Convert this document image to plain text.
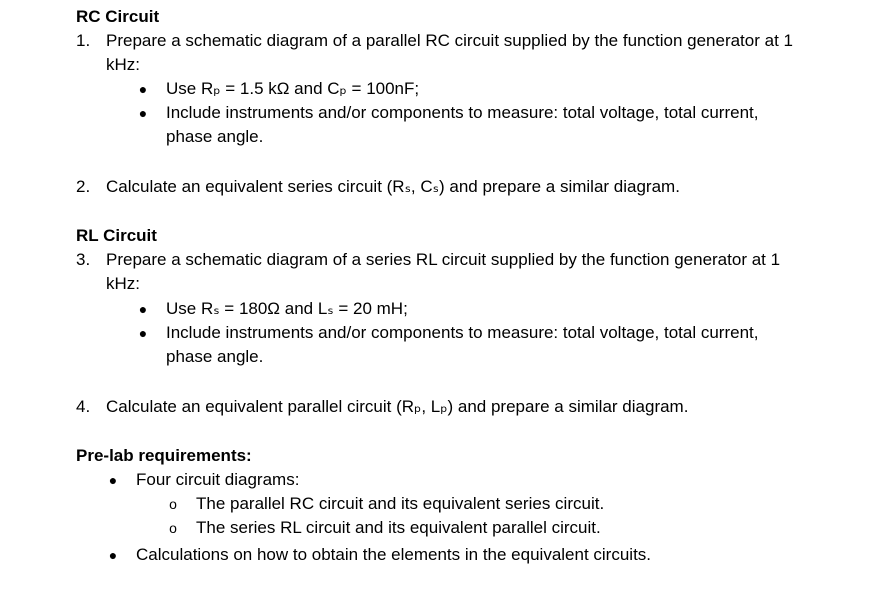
RC Circuit
1. Prepare a schematic diagram of a parallel RC circuit supplied by the function generator at 1
kHz:
● Use Rₚ = 1.5 kΩ and Cₚ = 100nF;
● Include instruments and/or components to measure: total voltage, total current,
phase angle.
2. Calculate an equivalent series circuit (Rₛ, Cₛ) and prepare a similar diagram.
RL Circuit
3. Prepare a schematic diagram of a series RL circuit supplied by the function generator at 1
kHz:
● Use Rₛ = 180Ω and Lₛ = 20 mH;
● Include instruments and/or components to measure: total voltage, total current,
phase angle.
4. Calculate an equivalent parallel circuit (Rₚ, Lₚ) and prepare a similar diagram.
Pre-lab requirements:
● Four circuit diagrams:
o The parallel RC circuit and its equivalent series circuit.
o The series RL circuit and its equivalent parallel circuit.
● Calculations on how to obtain the elements in the equivalent circuits.
